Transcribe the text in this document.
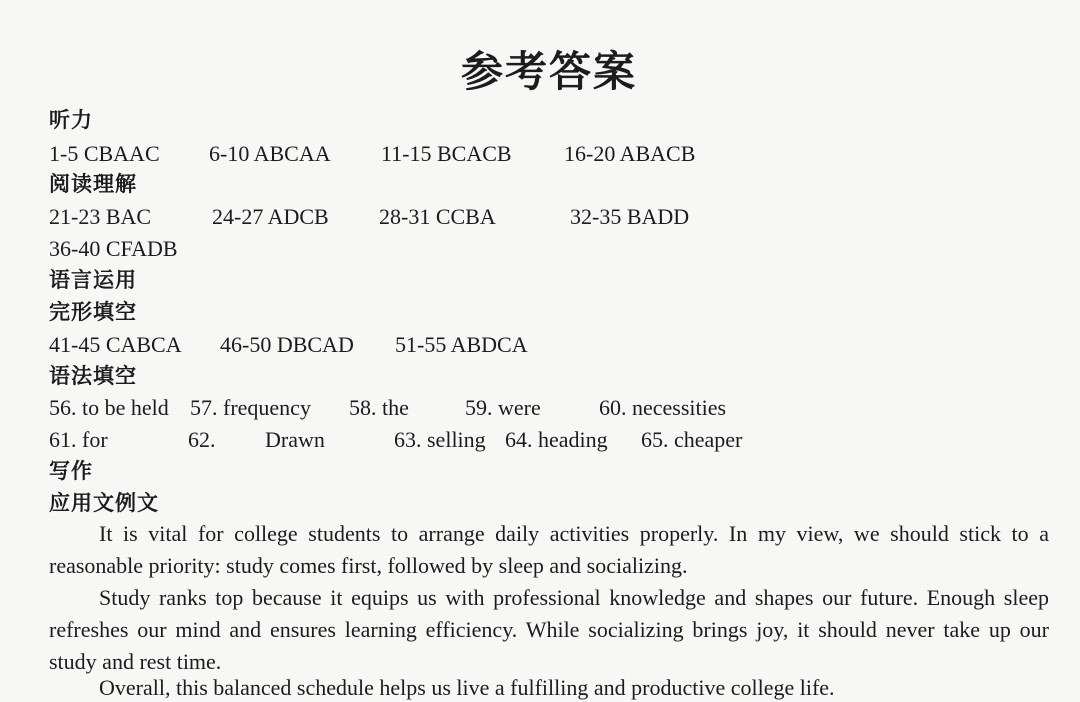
参考答案
听力
1-5 CBAAC 6-10 ABCAA 11-15 BCACB 16-20 ABACB
阅读理解
21-23 BAC	24-27 ADCB 28-31 CCBA	32-35 BADD
36-40 CFADB
语言运用
完形填空
41-45 CABCA 46-50 DBCAD 51-55 ABDCA
语法填空
56. to be held 57. frequency 58. the	59. were	60. necessities
61. for	62. Drawn	63. selling 64. heading 65. cheaper
写作
应用文例文
It is vital for college students to arrange daily activities properly. In my view, we should stick to a reasonable priority: study comes first, followed by sleep and socializing.
Study ranks top because it equips us with professional knowledge and shapes our future. Enough sleep refreshes our mind and ensures learning efficiency. While socializing brings joy, it should never take up our study and rest time.
Overall, this balanced schedule helps us live a fulfilling and productive college life.
